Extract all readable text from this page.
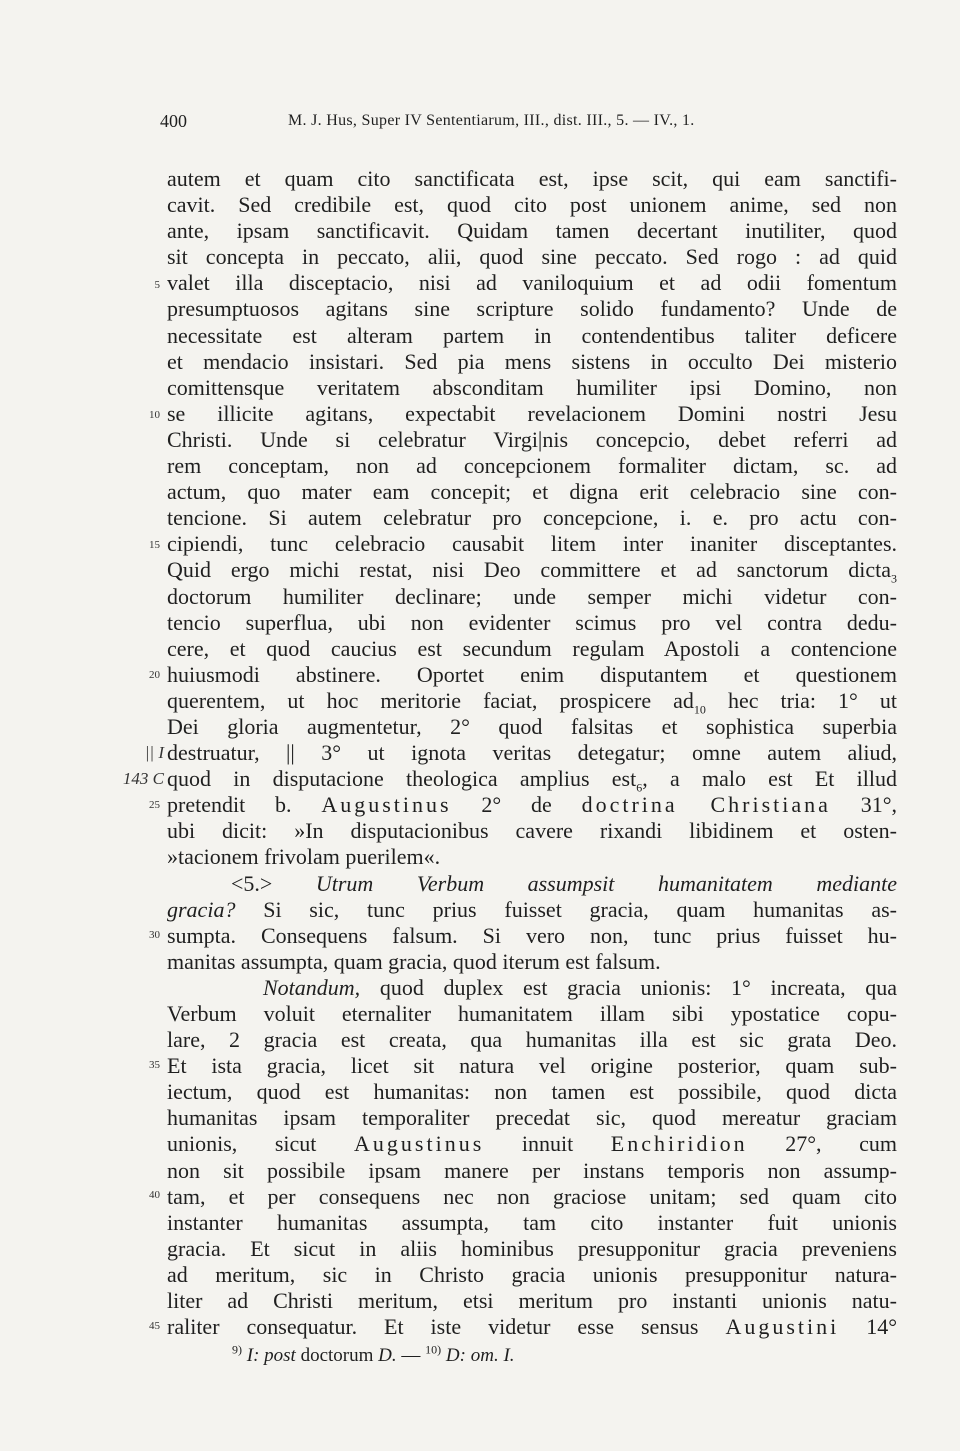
400	M. J. Hus, Super IV Sententiarum, III., dist. III., 5. — IV., 1.
5
10
15
20
25
30
35
40
45
|| I
143 C
autem et quam cito sanctificata est, ipse scit, qui eam sanctifi-
cavit. Sed credibile est, quod cito post unionem anime, sed non
ante, ipsam sanctificavit. Quidam tamen decertant inutiliter, quod
sit concepta in peccato, alii, quod sine peccato. Sed rogo : ad quid
valet illa disceptacio, nisi ad vaniloquium et ad odii fomentum
presumptuosos agitans sine scripture solido fundamento? Unde de
necessitate est alteram partem in contendentibus taliter deficere
et mendacio insistari. Sed pia mens sistens in occulto Dei misterio
comittensque veritatem absconditam humiliter ipsi Domino, non
se illicite agitans, expectabit revelacionem Domini nostri Jesu
Christi. Unde si celebratur Virgi|nis concepcio, debet referri ad
rem conceptam, non ad concepcionem formaliter dictam, sc. ad
actum, quo mater eam concepit; et digna erit celebracio sine con-
tencione. Si autem celebratur pro concepcione, i. e. pro actu con-
cipiendi, tunc celebracio causabit litem inter inaniter disceptantes.
Quid ergo michi restat, nisi Deo committere et ad sanctorum dicta$_3$
doctorum humiliter declinare; unde semper michi videtur con-
tencio superflua, ubi non evidenter scimus pro vel contra dedu-
cere, et quod caucius est secundum regulam Apostoli a contencione
huiusmodi abstinere. Oportet enim disputantem et questionem
querentem, ut hoc meritorie faciat, prospicere $ad_{10}$ hec tria: 1° ut
Dei gloria augmentetur, 2° quod falsitas et sophistica superbia
destruatur, || 3° ut ignota veritas detegatur; omne autem aliud,
quod in disputacione theologica amplius est$_6$, a malo est Et illud
pretendit b. Augustinus 2° de doctrina Christiana 31°,
ubi dicit: »In disputacionibus cavere rixandi libidinem et osten-
»tacionem frivolam puerilem«.
<5.> Utrum Verbum assumpsit humanitatem mediante
gracia? Si sic, tunc prius fuisset gracia, quam humanitas as-
sumpta. Consequens falsum. Si vero non, tunc prius fuisset hu-
manitas assumpta, quam gracia, quod iterum est falsum.
Notandum, quod duplex est gracia unionis: 1° increata, qua
Verbum voluit eternaliter humanitatem illam sibi ypostatice copu-
lare, 2 gracia est creata, qua humanitas illa est sic grata Deo.
Et ista gracia, licet sit natura vel origine posterior, quam sub-
iectum, quod est humanitas: non tamen est possibile, quod dicta
humanitas ipsam temporaliter precedat sic, quod mereatur graciam
unionis, sicut Augustinus innuit Enchiridion 27°, cum
non sit possibile ipsam manere per instans temporis non assump-
tam, et per consequens nec non graciose unitam; sed quam cito
instanter humanitas assumpta, tam cito instanter fuit unionis
gracia. Et sicut in aliis hominibus presupponitur gracia preveniens
ad meritum, sic in Christo gracia unionis presupponitur natura-
liter ad Christi meritum, etsi meritum pro instanti unionis natu-
raliter consequatur. Et iste videtur esse sensus Augustini 14°
$^{9)}$ I: post doctorum D. — $^{10)}$ D: om. I.
